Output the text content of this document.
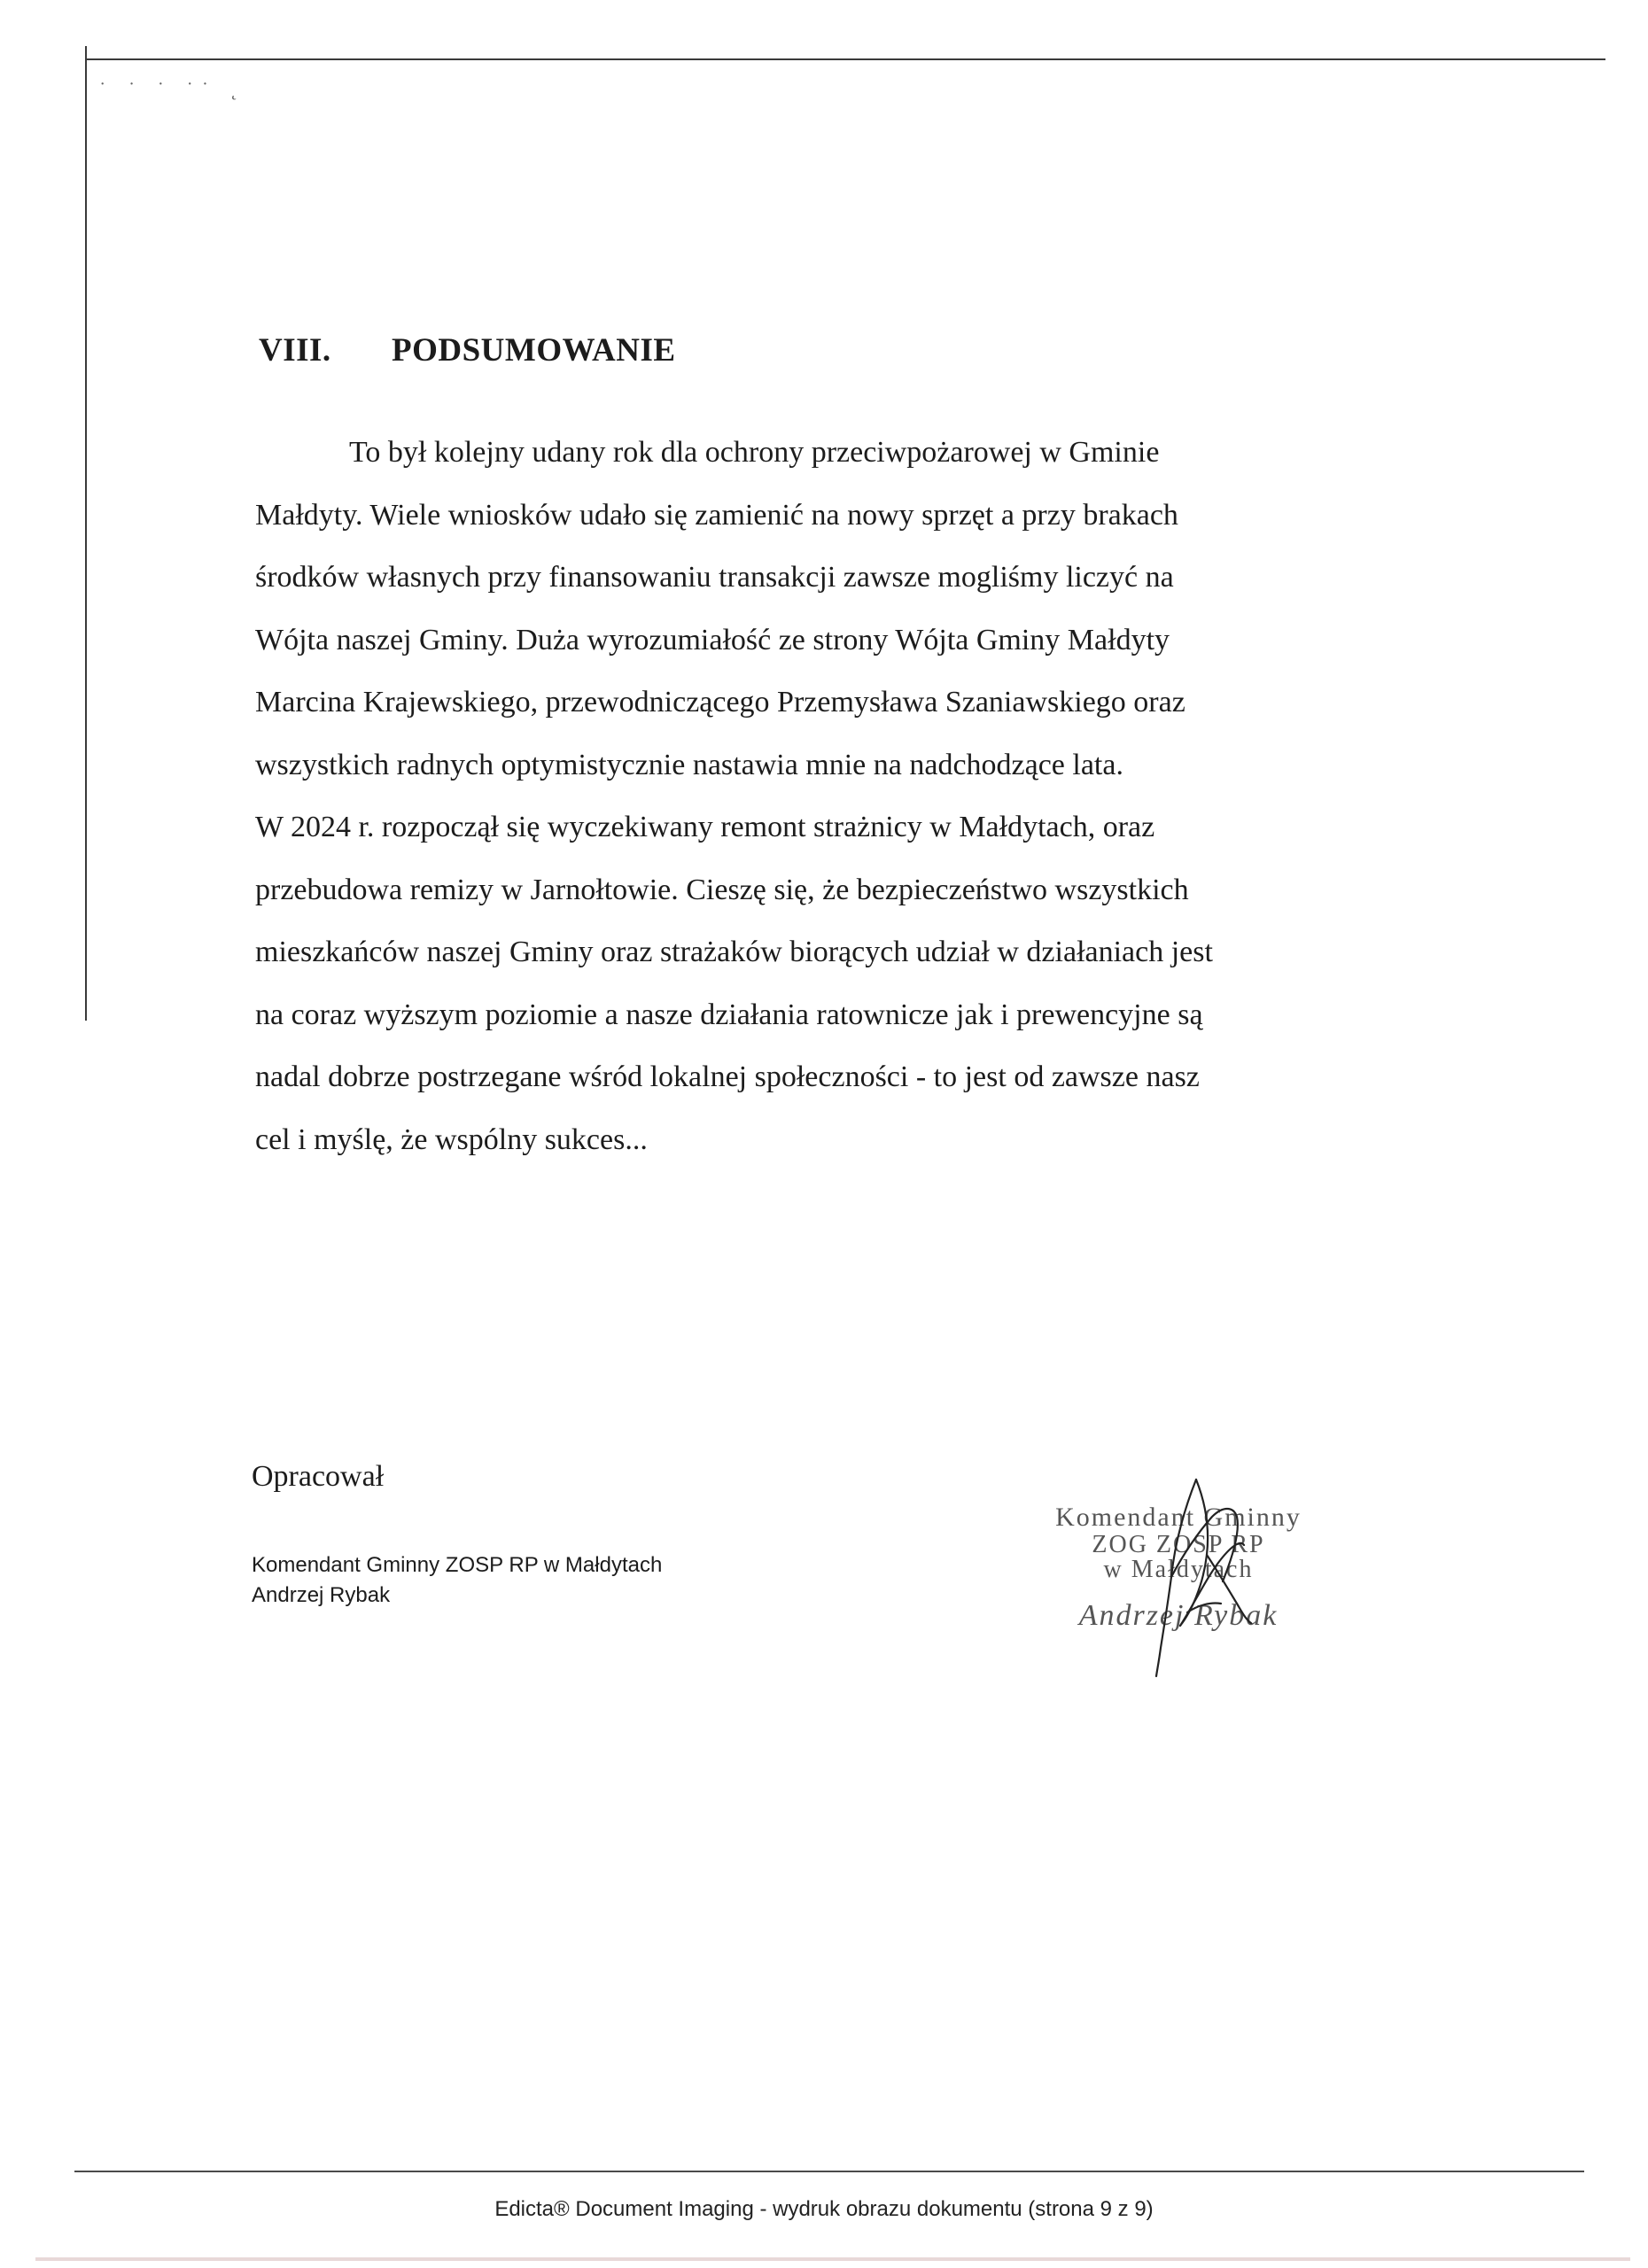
˙ ˙ ˙ ˙˙ ˛
VIII. PODSUMOWANIE
To był kolejny udany rok dla ochrony przeciwpożarowej w Gminie
Małdyty. Wiele wniosków udało się zamienić na nowy sprzęt a przy brakach
środków własnych przy finansowaniu transakcji zawsze mogliśmy liczyć na
Wójta naszej Gminy. Duża wyrozumiałość ze strony Wójta Gminy Małdyty
Marcina Krajewskiego, przewodniczącego Przemysława Szaniawskiego oraz
wszystkich radnych optymistycznie nastawia mnie na nadchodzące lata.
W 2024 r. rozpoczął się wyczekiwany remont strażnicy w Małdytach, oraz
przebudowa remizy w Jarnołtowie. Cieszę się, że bezpieczeństwo wszystkich
mieszkańców naszej Gminy oraz strażaków biorących udział w działaniach jest
na coraz wyższym poziomie a nasze działania ratownicze jak i prewencyjne są
nadal dobrze postrzegane wśród lokalnej społeczności - to jest od zawsze nasz
cel i myślę, że wspólny sukces...
Opracował
Komendant Gminny ZOSP RP w Małdytach
Andrzej Rybak
Komendant Gminny
ZOG ZOSP RP
w Małdytach
Andrzej Rybak
Edicta® Document Imaging - wydruk obrazu dokumentu (strona 9 z 9)
